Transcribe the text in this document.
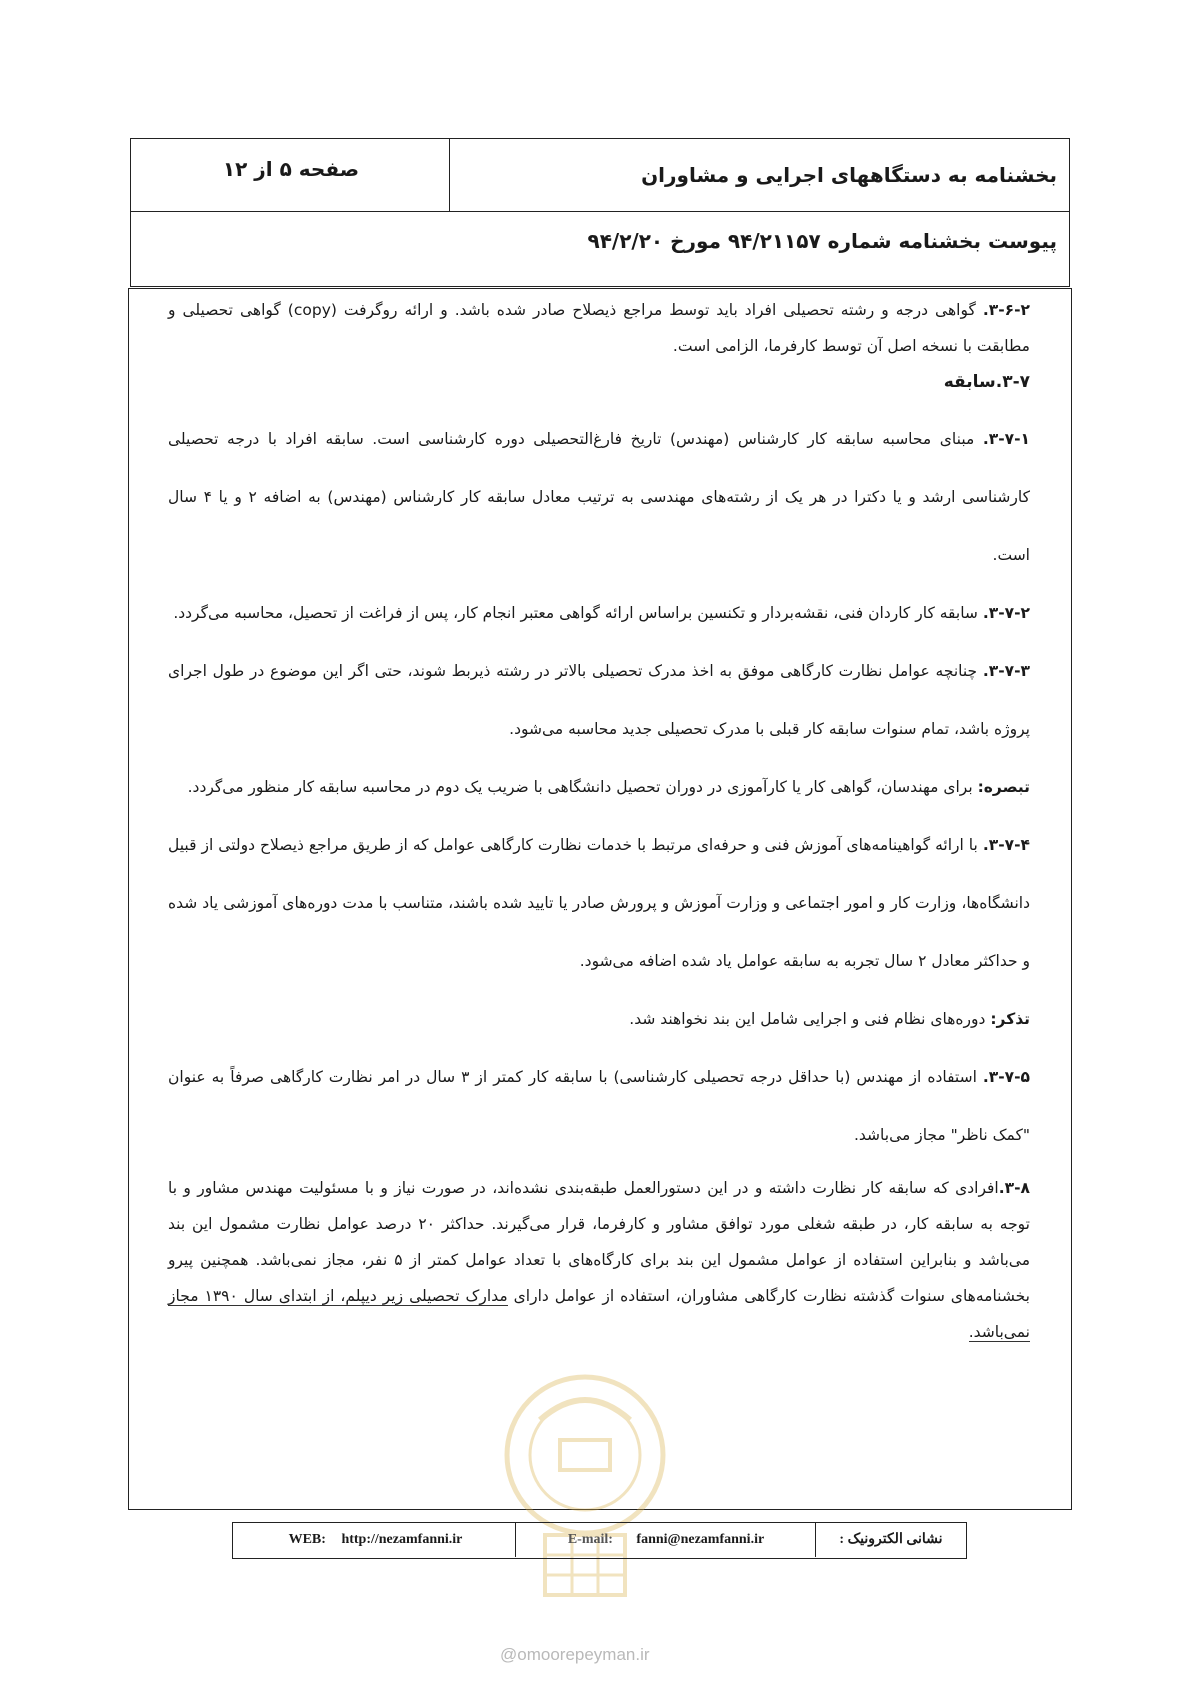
بخشنامه به دستگاههای اجرایی و مشاوران
صفحه ۵ از ۱۲
پیوست بخشنامه شماره ۹۴/۲۱۱۵۷ مورخ ۹۴/۲/۲۰

۳-۶-۲. گواهی درجه و رشته تحصیلی افراد باید توسط مراجع ذیصلاح صادر شده باشد. و ارائه روگرفت (copy) گواهی تحصیلی و مطابقت با نسخه اصل آن توسط کارفرما، الزامی است.

۳-۷.سابقه

۳-۷-۱. مبنای محاسبه سابقه کار کارشناس (مهندس) تاریخ فارغ‌التحصیلی دوره کارشناسی است. سابقه افراد با درجه تحصیلی کارشناسی ارشد و یا دکترا در هر یک از رشته‌های مهندسی به ترتیب معادل سابقه کار کارشناس (مهندس) به اضافه ۲ و یا ۴ سال است.

۳-۷-۲. سابقه کار کاردان فنی، نقشه‌بردار و تکنسین براساس ارائه گواهی معتبر انجام کار، پس از فراغت از تحصیل، محاسبه می‌گردد.

۳-۷-۳. چنانچه عوامل نظارت کارگاهی موفق به اخذ مدرک تحصیلی بالاتر در رشته ذیربط شوند، حتی اگر این موضوع در طول اجرای پروژه باشد، تمام سنوات سابقه کار قبلی با مدرک تحصیلی جدید محاسبه می‌شود.

تبصره: برای مهندسان، گواهی کار یا کارآموزی در دوران تحصیل دانشگاهی با ضریب یک دوم در محاسبه سابقه کار منظور می‌گردد.

۳-۷-۴. با ارائه گواهینامه‌های آموزش فنی و حرفه‌ای مرتبط با خدمات نظارت کارگاهی عوامل که از طریق مراجع ذیصلاح دولتی از قبیل دانشگاه‌ها، وزارت کار و امور اجتماعی و وزارت آموزش و پرورش صادر یا تایید شده باشند، متناسب با مدت دوره‌های آموزشی یاد شده و حداکثر معادل ۲ سال تجربه به سابقه عوامل یاد شده اضافه می‌شود.

تذکر: دوره‌های نظام فنی و اجرایی شامل این بند نخواهند شد.

۳-۷-۵. استفاده از مهندس (با حداقل درجه تحصیلی کارشناسی) با سابقه کار کمتر از ۳ سال در امر نظارت کارگاهی صرفاً به عنوان "کمک ناظر" مجاز می‌باشد.

۳-۸.افرادی که سابقه کار نظارت داشته و در این دستورالعمل طبقه‌بندی نشده‌اند، در صورت نیاز و با مسئولیت مهندس مشاور و با توجه به سابقه کار، در طبقه شغلی مورد توافق مشاور و کارفرما، قرار می‌گیرند. حداکثر ۲۰ درصد عوامل نظارت مشمول این بند می‌باشد و بنابراین استفاده از عوامل مشمول این بند برای کارگاه‌های با تعداد عوامل کمتر از ۵ نفر، مجاز نمی‌باشد. همچنین پیرو بخشنامه‌های سنوات گذشته نظارت کارگاهی مشاوران، استفاده از عوامل دارای مدارک تحصیلی زیر دیپلم، از ابتدای سال ۱۳۹۰ مجاز نمی‌باشد.

نشانی الکترونیک :
E-mail: fanni@nezamfanni.ir
WEB: http://nezamfanni.ir
@omoorepeyman.ir
